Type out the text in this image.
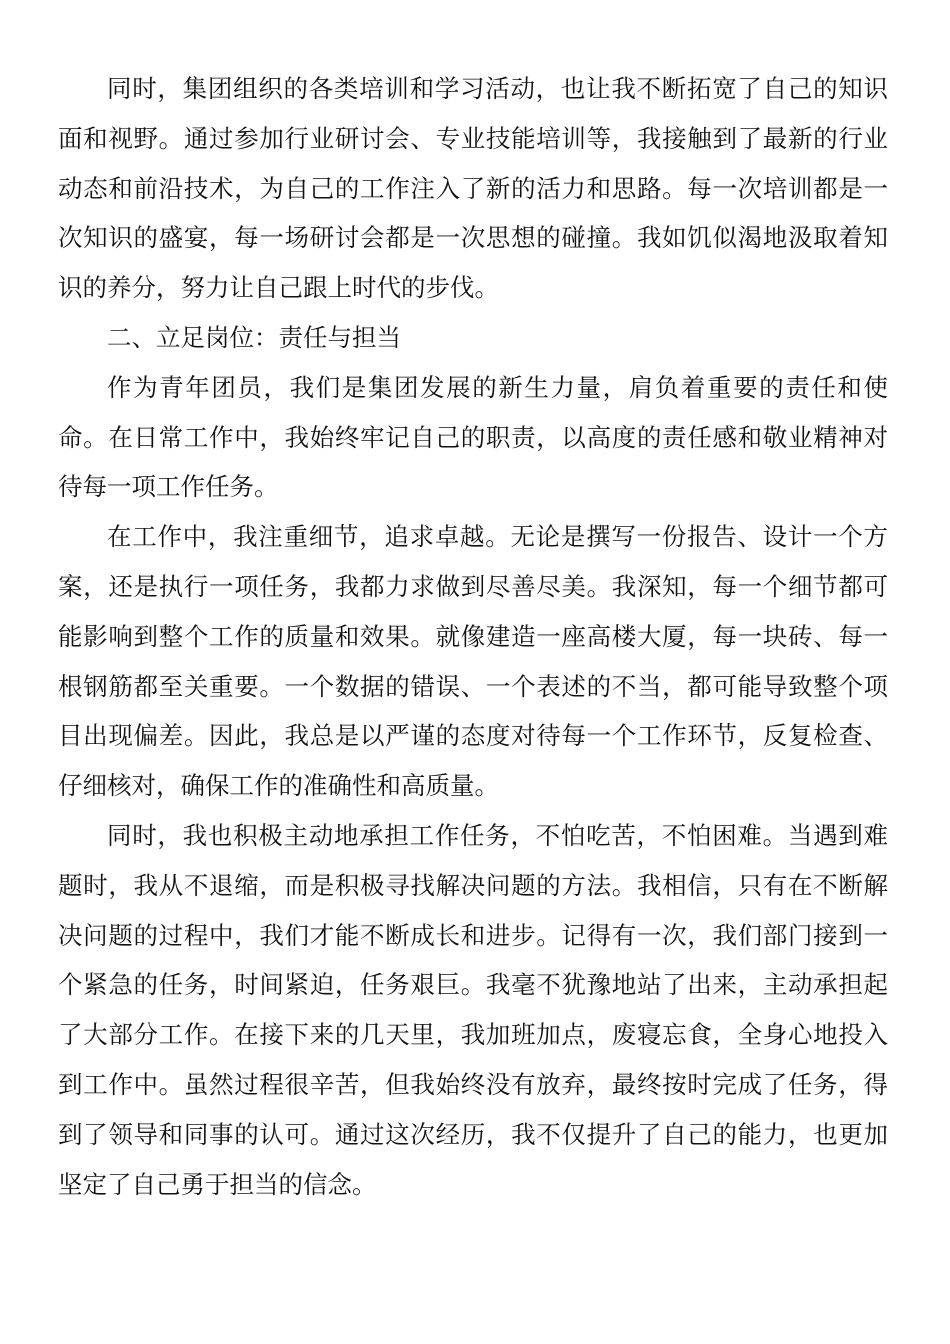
同时，集团组织的各类培训和学习活动，也让我不断拓宽了自己的知识面和视野。通过参加行业研讨会、专业技能培训等，我接触到了最新的行业动态和前沿技术，为自己的工作注入了新的活力和思路。每一次培训都是一次知识的盛宴，每一场研讨会都是一次思想的碰撞。我如饥似渴地汲取着知识的养分，努力让自己跟上时代的步伐。

二、立足岗位：责任与担当

作为青年团员，我们是集团发展的新生力量，肩负着重要的责任和使命。在日常工作中，我始终牢记自己的职责，以高度的责任感和敬业精神对待每一项工作任务。

在工作中，我注重细节，追求卓越。无论是撰写一份报告、设计一个方案，还是执行一项任务，我都力求做到尽善尽美。我深知，每一个细节都可能影响到整个工作的质量和效果。就像建造一座高楼大厦，每一块砖、每一根钢筋都至关重要。一个数据的错误、一个表述的不当，都可能导致整个项目出现偏差。因此，我总是以严谨的态度对待每一个工作环节，反复检查、仔细核对，确保工作的准确性和高质量。

同时，我也积极主动地承担工作任务，不怕吃苦，不怕困难。当遇到难题时，我从不退缩，而是积极寻找解决问题的方法。我相信，只有在不断解决问题的过程中，我们才能不断成长和进步。记得有一次，我们部门接到一个紧急的任务，时间紧迫，任务艰巨。我毫不犹豫地站了出来，主动承担起了大部分工作。在接下来的几天里，我加班加点，废寝忘食，全身心地投入到工作中。虽然过程很辛苦，但我始终没有放弃，最终按时完成了任务，得到了领导和同事的认可。通过这次经历，我不仅提升了自己的能力，也更加坚定了自己勇于担当的信念。
